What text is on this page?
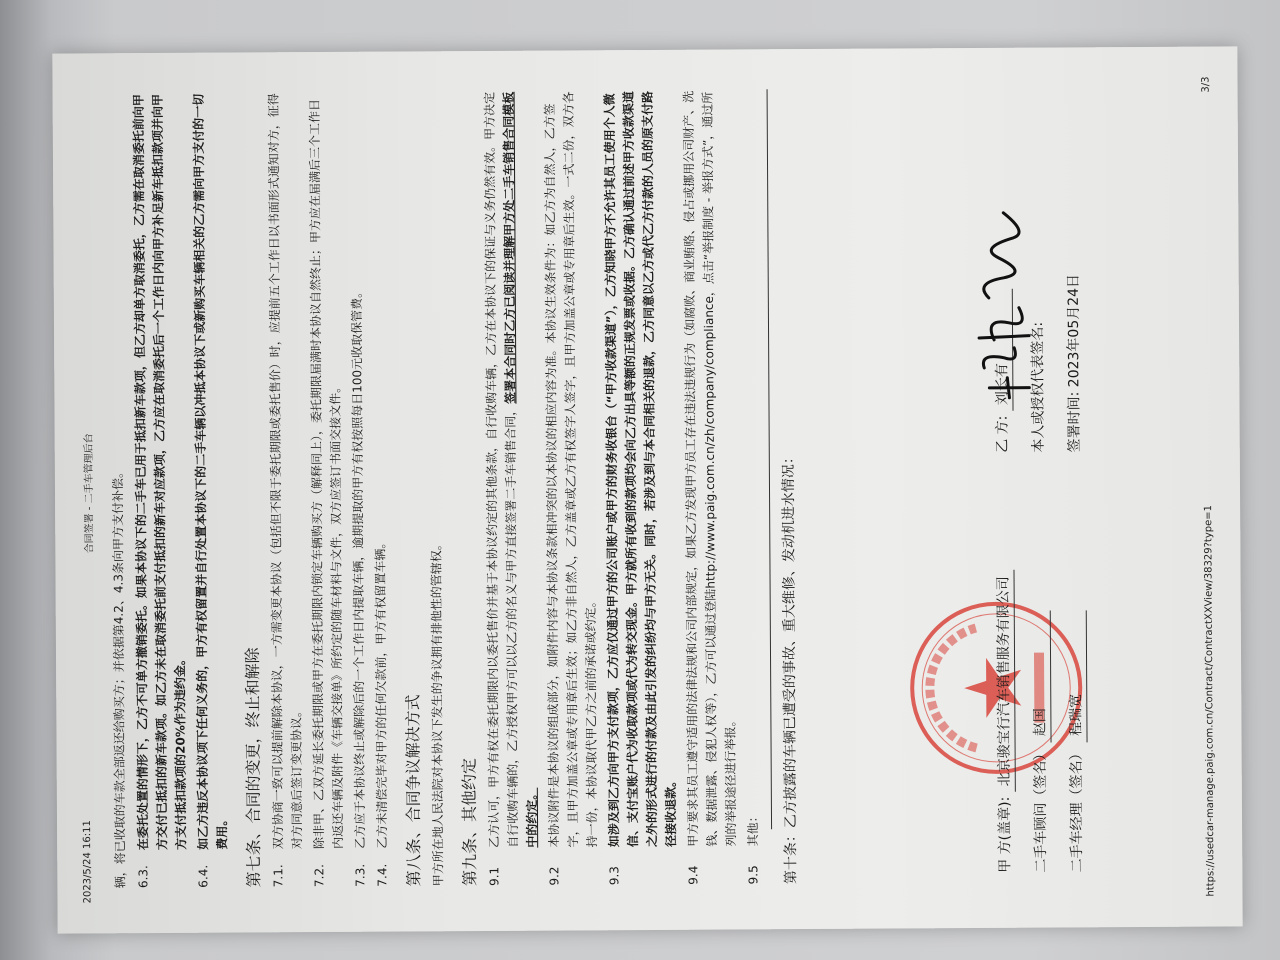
2023/5/24 16:11
合同签署 - 二手车管理后台	辆，将已收取的车款全部返还给购买方；并依据第4.2、4.3条向甲方支付补偿。 6.3.
在委托处置的情形下，乙方不可单方撤销委托。如果本协议下的二手车已用于抵扣新车款项，但乙方却单方取消委托，乙方需在取消委托前向甲方交付已抵扣的新车款项。如乙方未在取消委托前支付抵扣的新车对应款项，乙方应在取消委托后一个工作日内向甲方补足新车抵扣款项并向甲方支付抵扣款项的20%作为违约金。
6.4.
如乙方违反本协议项下任何义务的，甲方有权留置并自行处置本协议下的二手车辆以冲抵本协议下或新购买车辆相关的乙方需向甲方支付的一切费用。 第七条、合同的变更，终止和解除 7.1.
双方协商一致可以提前解除本协议，一方需变更本协议（包括但不限于委托期限或委托售价）时，应提前五个工作日以书面形式通知对方，征得对方同意后签订变更协议。
7.2.
除非甲、乙双方延长委托期限或甲方在委托期限内锁定车辆购买方（解释同上），委托期限届满时本协议自然终止；甲方应在届满后三个工作日内返还车辆及附件《车辆交接单》所约定的随车材料与文件，双方应签订书面交接文件。
7.3.
乙方应于本协议终止或解除后的一个工作日内提取车辆，逾期提取的甲方有权按照每日100元收取保管费。
7.4.
乙方未清偿完毕对甲方的任何欠款前，甲方有权留置车辆。 第八条、合同争议解决方式 甲方所在地人民法院对本协议下发生的争议拥有排他性的管辖权。 第九条、其他约定 9.1
乙方认可，甲方有权在委托期限内以委托售价并基于本协议约定的其他条款，自行收购车辆，乙方在本协议下的保证与义务仍然有效。甲方决定自行收购车辆的，乙方授权甲方可以以乙方的名义与甲方直接签署二手车销售合同，签署本合同时乙方已阅读并理解甲方处二手车销售合同模板中的约定。
9.2
本协议附件是本协议的组成部分，如附件内容与本协议条款相冲突的以本协议的相应内容为准。本协议生效条件为：如乙方为自然人，乙方签字，且甲方加盖公章或专用章后生效；如乙方非自然人，乙方盖章或乙方有权签字人签字，且甲方加盖公章或专用章后生效。一式二份，双方各持一份，本协议取代甲乙方之前的承诺或约定。
9.3
如涉及到乙方向甲方支付款项，乙方应仅通过甲方的公司账户或甲方的财务收银台（“甲方收款渠道”），乙方知晓甲方不允许其员工使用个人微信、支付宝账户代为收取款项或代为转交现金。甲方就所有收到的款项均会向乙方出具等额的正规发票或收据。乙方确认通过前述甲方收款渠道之外的形式进行的付款及由此引发的纠纷均与甲方无关。同时，若涉及到与本合同相关的退款，乙方同意以乙方或代乙方付款的人员的原支付路径接收退款。
9.4
甲方要求其员工遵守适用的法律法规和公司内部规定，如果乙方发现甲方员工存在违法违规行为（如腐败、商业贿赂、侵占或挪用公司财产、洗钱、数据泄露、侵犯人权等），乙方可以通过登陆http://www.paig.com.cn/zh/company/compliance，点击“举报制度 - 举报方式”，通过所列的举报途径进行举报。
9.5
其他： 第十条：乙方披露的车辆已遭受的事故、重大维修、发动机进水情况：	甲 方(盖章): 北京骏宝行汽车销售服务有限公司
二手车顾问（签名） 赵国
二手车经理（签名） 程瑞宽
乙 方: 刘长有	本人或授权代表签名:	签署时间: 2023年05月24日
https://usedcar-manage.paig.com.cn/Contract/ContractXXView/38329?type=1
3/3
